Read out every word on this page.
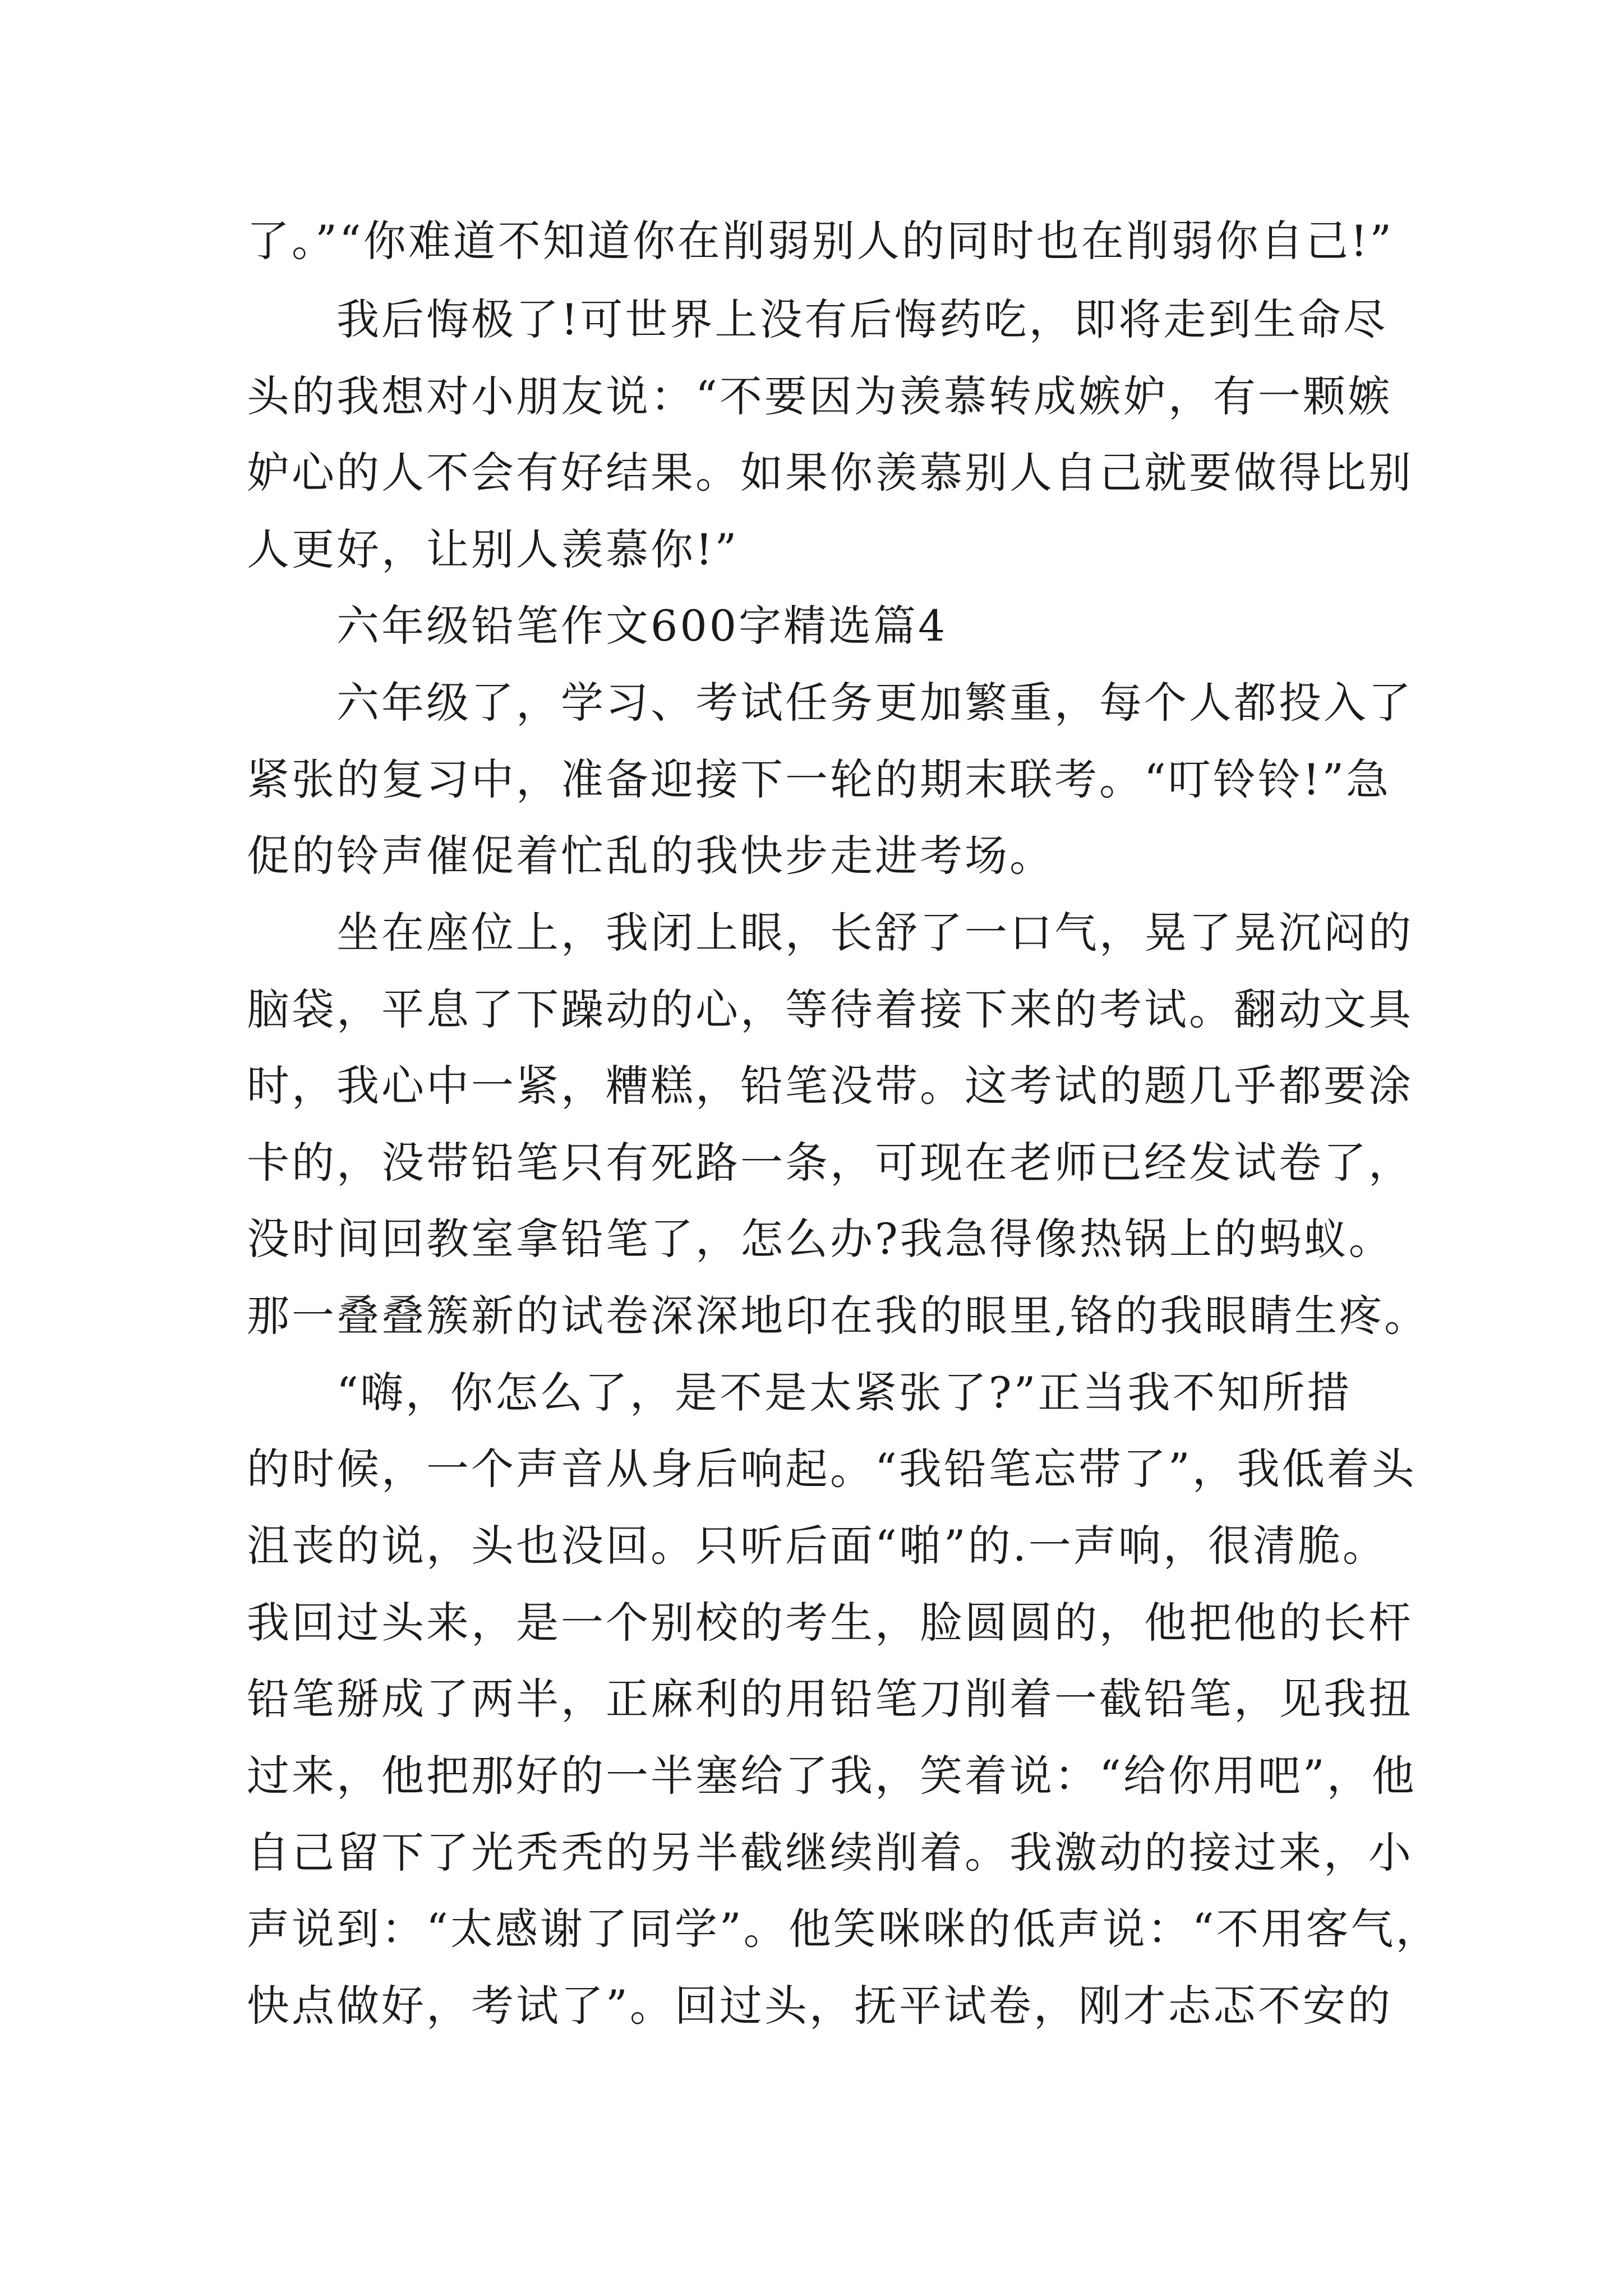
了。”“你难道不知道你在削弱别人的同时也在削弱你自己!”
我后悔极了!可世界上没有后悔药吃，即将走到生命尽
头的我想对小朋友说：“不要因为羡慕转成嫉妒，有一颗嫉
妒心的人不会有好结果。如果你羡慕别人自己就要做得比别
人更好，让别人羡慕你!”
六年级铅笔作文600字精选篇4
六年级了，学习、考试任务更加繁重，每个人都投入了
紧张的复习中，准备迎接下一轮的期末联考。“叮铃铃!”急
促的铃声催促着忙乱的我快步走进考场。
坐在座位上，我闭上眼，长舒了一口气，晃了晃沉闷的
脑袋，平息了下躁动的心，等待着接下来的考试。翻动文具
时，我心中一紧，糟糕，铅笔没带。这考试的题几乎都要涂
卡的，没带铅笔只有死路一条，可现在老师已经发试卷了，
没时间回教室拿铅笔了，怎么办?我急得像热锅上的蚂蚁。
那一叠叠簇新的试卷深深地印在我的眼里,铬的我眼睛生疼。
“嗨，你怎么了，是不是太紧张了?”正当我不知所措
的时候，一个声音从身后响起。“我铅笔忘带了”，我低着头
沮丧的说，头也没回。只听后面“啪”的.一声响，很清脆。
我回过头来，是一个别校的考生，脸圆圆的，他把他的长杆
铅笔掰成了两半，正麻利的用铅笔刀削着一截铅笔，见我扭
过来，他把那好的一半塞给了我，笑着说：“给你用吧”，他
自己留下了光秃秃的另半截继续削着。我激动的接过来，小
声说到：“太感谢了同学”。他笑咪咪的低声说：“不用客气，
快点做好，考试了”。回过头，抚平试卷，刚才忐忑不安的
